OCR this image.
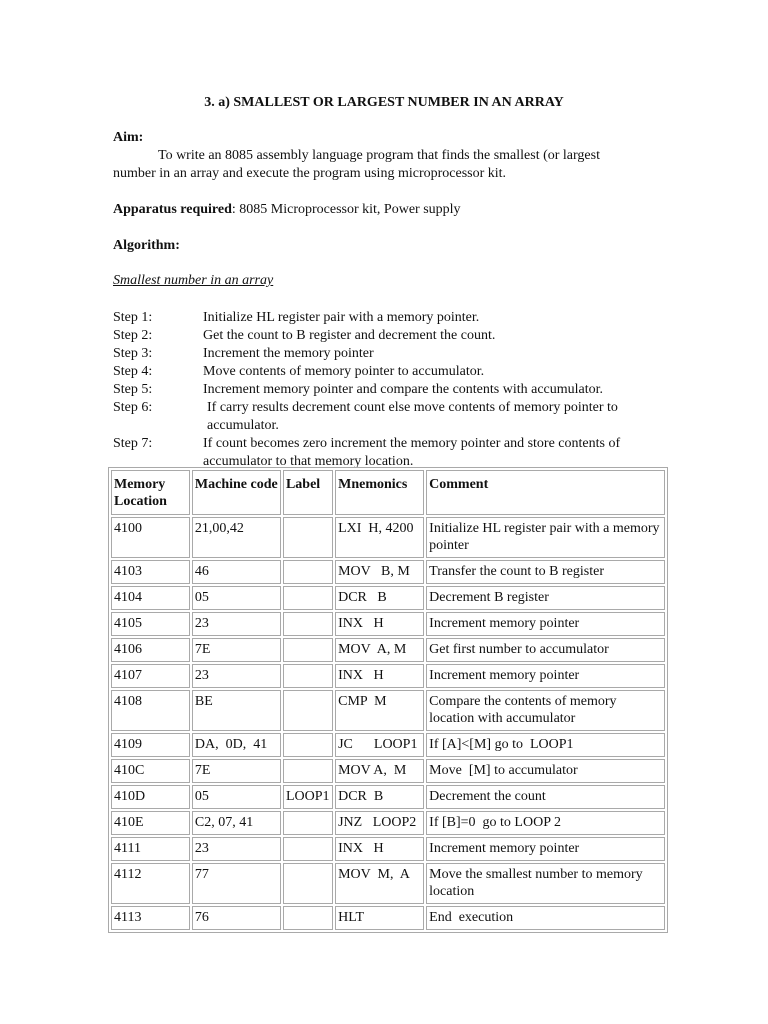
3. a) SMALLEST OR LARGEST NUMBER IN AN ARRAY
Aim:
To write an 8085 assembly language program that finds the smallest (or largest number in an array and execute the program using microprocessor kit.
Apparatus required: 8085 Microprocessor kit, Power supply
Algorithm:
Smallest number in an array
Step 1:	Initialize HL register pair with a memory pointer.
Step 2:	Get the count to B register and decrement the count.
Step 3:	Increment the memory pointer
Step 4:	Move contents of memory pointer to accumulator.
Step 5:	Increment memory pointer and compare the contents with accumulator.
Step 6:	If carry results decrement count else move contents of memory pointer to accumulator.
Step 7:	If count becomes zero increment the memory pointer and store contents of accumulator to that memory location.
Memory Location	Machine code	Label	Mnemonics	Comment
4100	21,00,42		LXI  H, 4200	Initialize HL register pair with a memory pointer
4103	46		MOV   B, M	Transfer the count to B register
4104	05		DCR   B	Decrement B register
4105	23		INX   H	Increment memory pointer
4106	7E		MOV  A, M	Get first number to accumulator
4107	23		INX   H	Increment memory pointer
4108	BE		CMP  M	Compare the contents of memory location with accumulator
4109	DA,  0D,  41		JC      LOOP1	If [A]<[M] go to  LOOP1
410C	7E		MOV A,  M	Move  [M] to accumulator
410D	05	LOOP1	DCR  B	Decrement the count
410E	C2, 07, 41		JNZ   LOOP2	If [B]=0  go to LOOP 2
4111	23		INX   H	Increment memory pointer
4112	77		MOV  M,  A	Move the smallest number to memory location
4113	76		HLT	End  execution
